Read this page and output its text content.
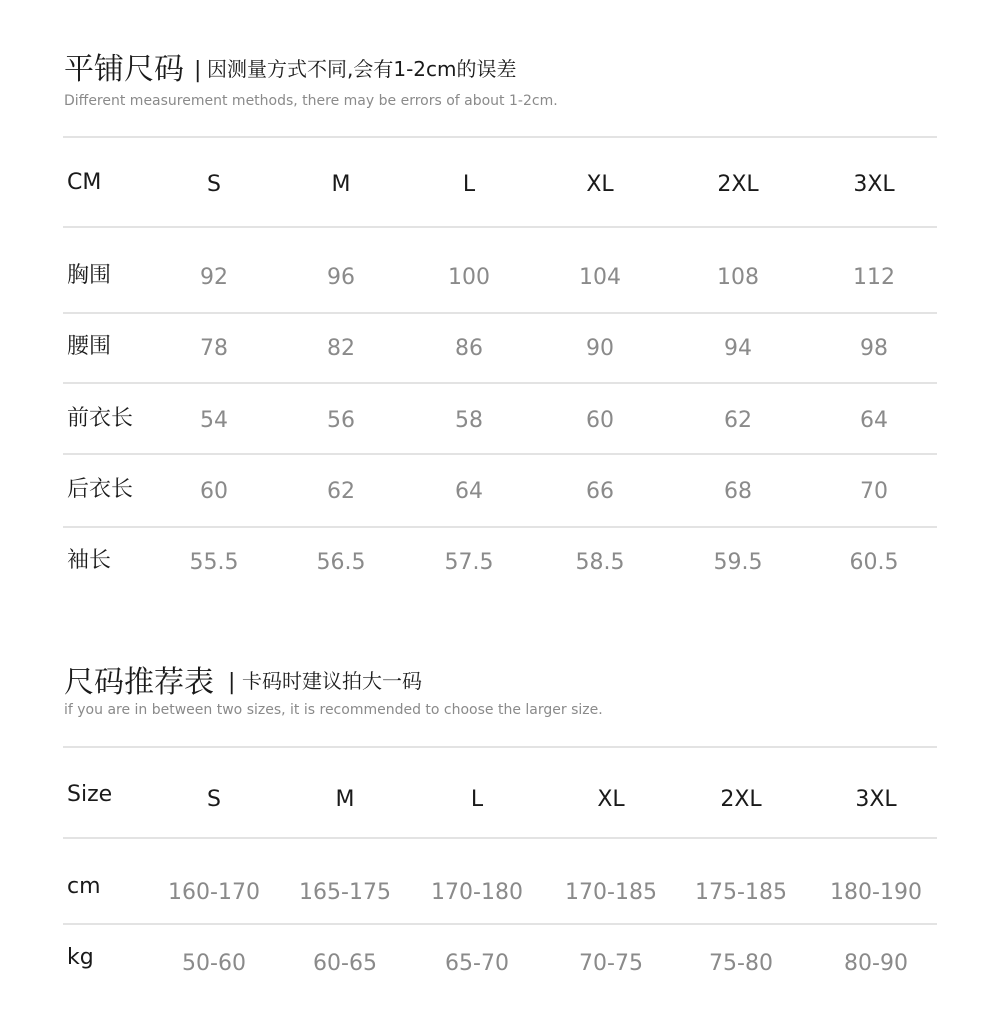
平铺尺码 | 因测量方式不同,会有1-2cm的误差
Different measurement methods, there may be errors of about 1-2cm.
CM	S	M	L	XL	2XL	3XL
胸围	92	96	100	104	108	112
腰围	78	82	86	90	94	98
前衣长	54	56	58	60	62	64
后衣长	60	62	64	66	68	70
袖长	55.5	56.5	57.5	58.5	59.5	60.5
尺码推荐表 | 卡码时建议拍大一码
if you are in between two sizes, it is recommended to choose the larger size.
Size	S	M	L	XL	2XL	3XL
cm	160-170	165-175	170-180	170-185	175-185	180-190
kg	50-60	60-65	65-70	70-75	75-80	80-90
